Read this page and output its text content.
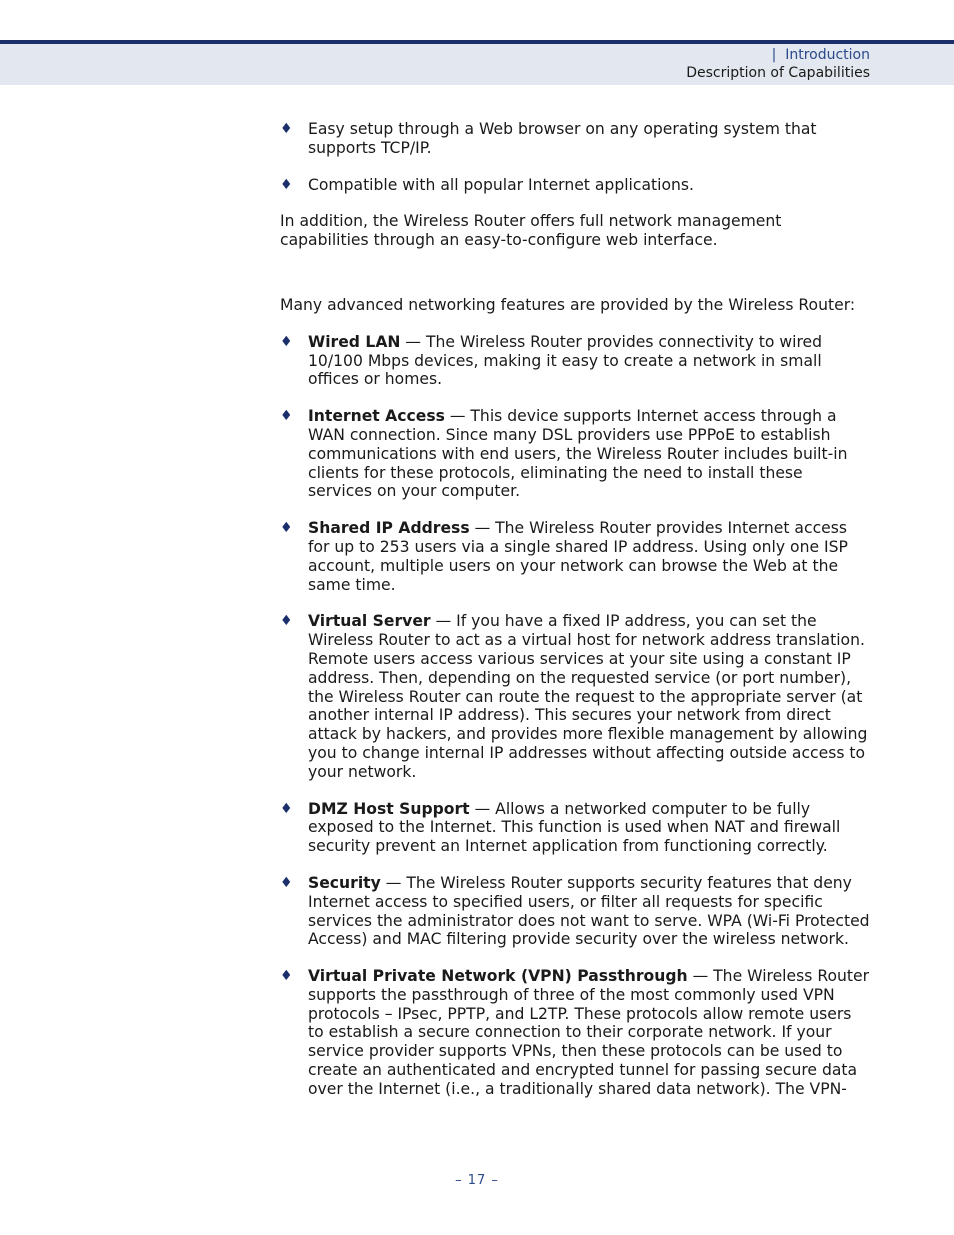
| Introduction
Description of Capabilities
♦ Easy setup through a Web browser on any operating system that supports TCP/IP.
♦ Compatible with all popular Internet applications.

In addition, the Wireless Router offers full network management capabilities through an easy-to-configure web interface.

Many advanced networking features are provided by the Wireless Router:

♦ Wired LAN — The Wireless Router provides connectivity to wired 10/100 Mbps devices, making it easy to create a network in small offices or homes.
♦ Internet Access — This device supports Internet access through a WAN connection. Since many DSL providers use PPPoE to establish communications with end users, the Wireless Router includes built-in clients for these protocols, eliminating the need to install these services on your computer.
♦ Shared IP Address — The Wireless Router provides Internet access for up to 253 users via a single shared IP address. Using only one ISP account, multiple users on your network can browse the Web at the same time.
♦ Virtual Server — If you have a fixed IP address, you can set the Wireless Router to act as a virtual host for network address translation. Remote users access various services at your site using a constant IP address. Then, depending on the requested service (or port number), the Wireless Router can route the request to the appropriate server (at another internal IP address). This secures your network from direct attack by hackers, and provides more flexible management by allowing you to change internal IP addresses without affecting outside access to your network.
♦ DMZ Host Support — Allows a networked computer to be fully exposed to the Internet. This function is used when NAT and firewall security prevent an Internet application from functioning correctly.
♦ Security — The Wireless Router supports security features that deny Internet access to specified users, or filter all requests for specific services the administrator does not want to serve. WPA (Wi-Fi Protected Access) and MAC filtering provide security over the wireless network.
♦ Virtual Private Network (VPN) Passthrough — The Wireless Router supports the passthrough of three of the most commonly used VPN protocols – IPsec, PPTP, and L2TP. These protocols allow remote users to establish a secure connection to their corporate network. If your service provider supports VPNs, then these protocols can be used to create an authenticated and encrypted tunnel for passing secure data over the Internet (i.e., a traditionally shared data network). The VPN-
– 17 –
